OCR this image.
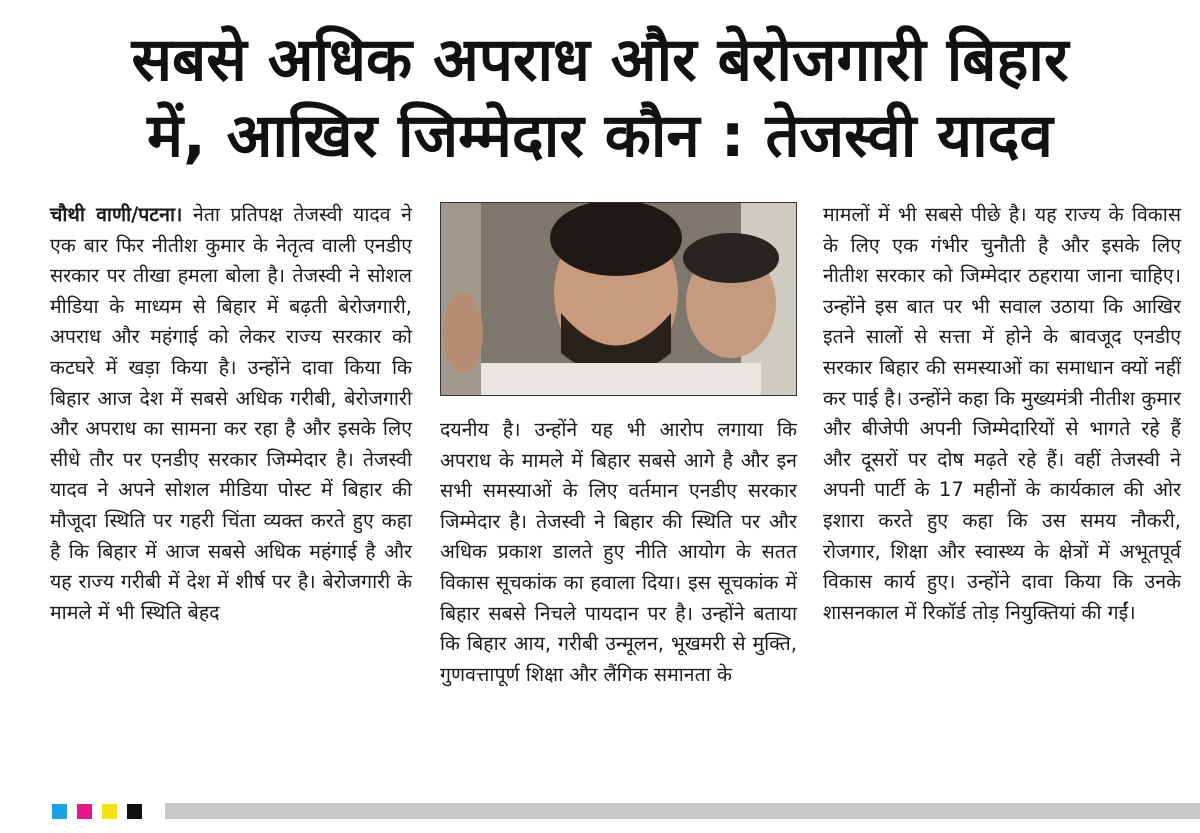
सबसे अधिक अपराध और बेरोजगारी बिहार
में, आखिर जिम्मेदार कौन : तेजस्वी यादव
चौथी वाणी/पटना। नेता प्रतिपक्ष तेजस्वी यादव ने एक बार फिर नीतीश कुमार के नेतृत्व वाली एनडीए सरकार पर तीखा हमला बोला है। तेजस्वी ने सोशल मीडिया के माध्यम से बिहार में बढ़ती बेरोजगारी, अपराध और महंगाई को लेकर राज्य सरकार को कटघरे में खड़ा किया है। उन्होंने दावा किया कि बिहार आज देश में सबसे अधिक गरीबी, बेरोजगारी और अपराध का सामना कर रहा है और इसके लिए सीधे तौर पर एनडीए सरकार जिम्मेदार है। तेजस्वी यादव ने अपने सोशल मीडिया पोस्ट में बिहार की मौजूदा स्थिति पर गहरी चिंता व्यक्त करते हुए कहा है कि बिहार में आज सबसे अधिक महंगाई है और यह राज्य गरीबी में देश में शीर्ष पर है। बेरोजगारी के मामले में भी स्थिति बेहद
दयनीय है। उन्होंने यह भी आरोप लगाया कि अपराध के मामले में बिहार सबसे आगे है और इन सभी समस्याओं के लिए वर्तमान एनडीए सरकार जिम्मेदार है। तेजस्वी ने बिहार की स्थिति पर और अधिक प्रकाश डालते हुए नीति आयोग के सतत विकास सूचकांक का हवाला दिया। इस सूचकांक में बिहार सबसे निचले पायदान पर है। उन्होंने बताया कि बिहार आय, गरीबी उन्मूलन, भूखमरी से मुक्ति, गुणवत्तापूर्ण शिक्षा और लैंगिक समानता के
मामलों में भी सबसे पीछे है। यह राज्य के विकास के लिए एक गंभीर चुनौती है और इसके लिए नीतीश सरकार को जिम्मेदार ठहराया जाना चाहिए। उन्होंने इस बात पर भी सवाल उठाया कि आखिर इतने सालों से सत्ता में होने के बावजूद एनडीए सरकार बिहार की समस्याओं का समाधान क्यों नहीं कर पाई है। उन्होंने कहा कि मुख्यमंत्री नीतीश कुमार और बीजेपी अपनी जिम्मेदारियों से भागते रहे हैं और दूसरों पर दोष मढ़ते रहे हैं। वहीं तेजस्वी ने अपनी पार्टी के 17 महीनों के कार्यकाल की ओर इशारा करते हुए कहा कि उस समय नौकरी, रोजगार, शिक्षा और स्वास्थ्य के क्षेत्रों में अभूतपूर्व विकास कार्य हुए। उन्होंने दावा किया कि उनके शासनकाल में रिकॉर्ड तोड़ नियुक्तियां की गईं।
